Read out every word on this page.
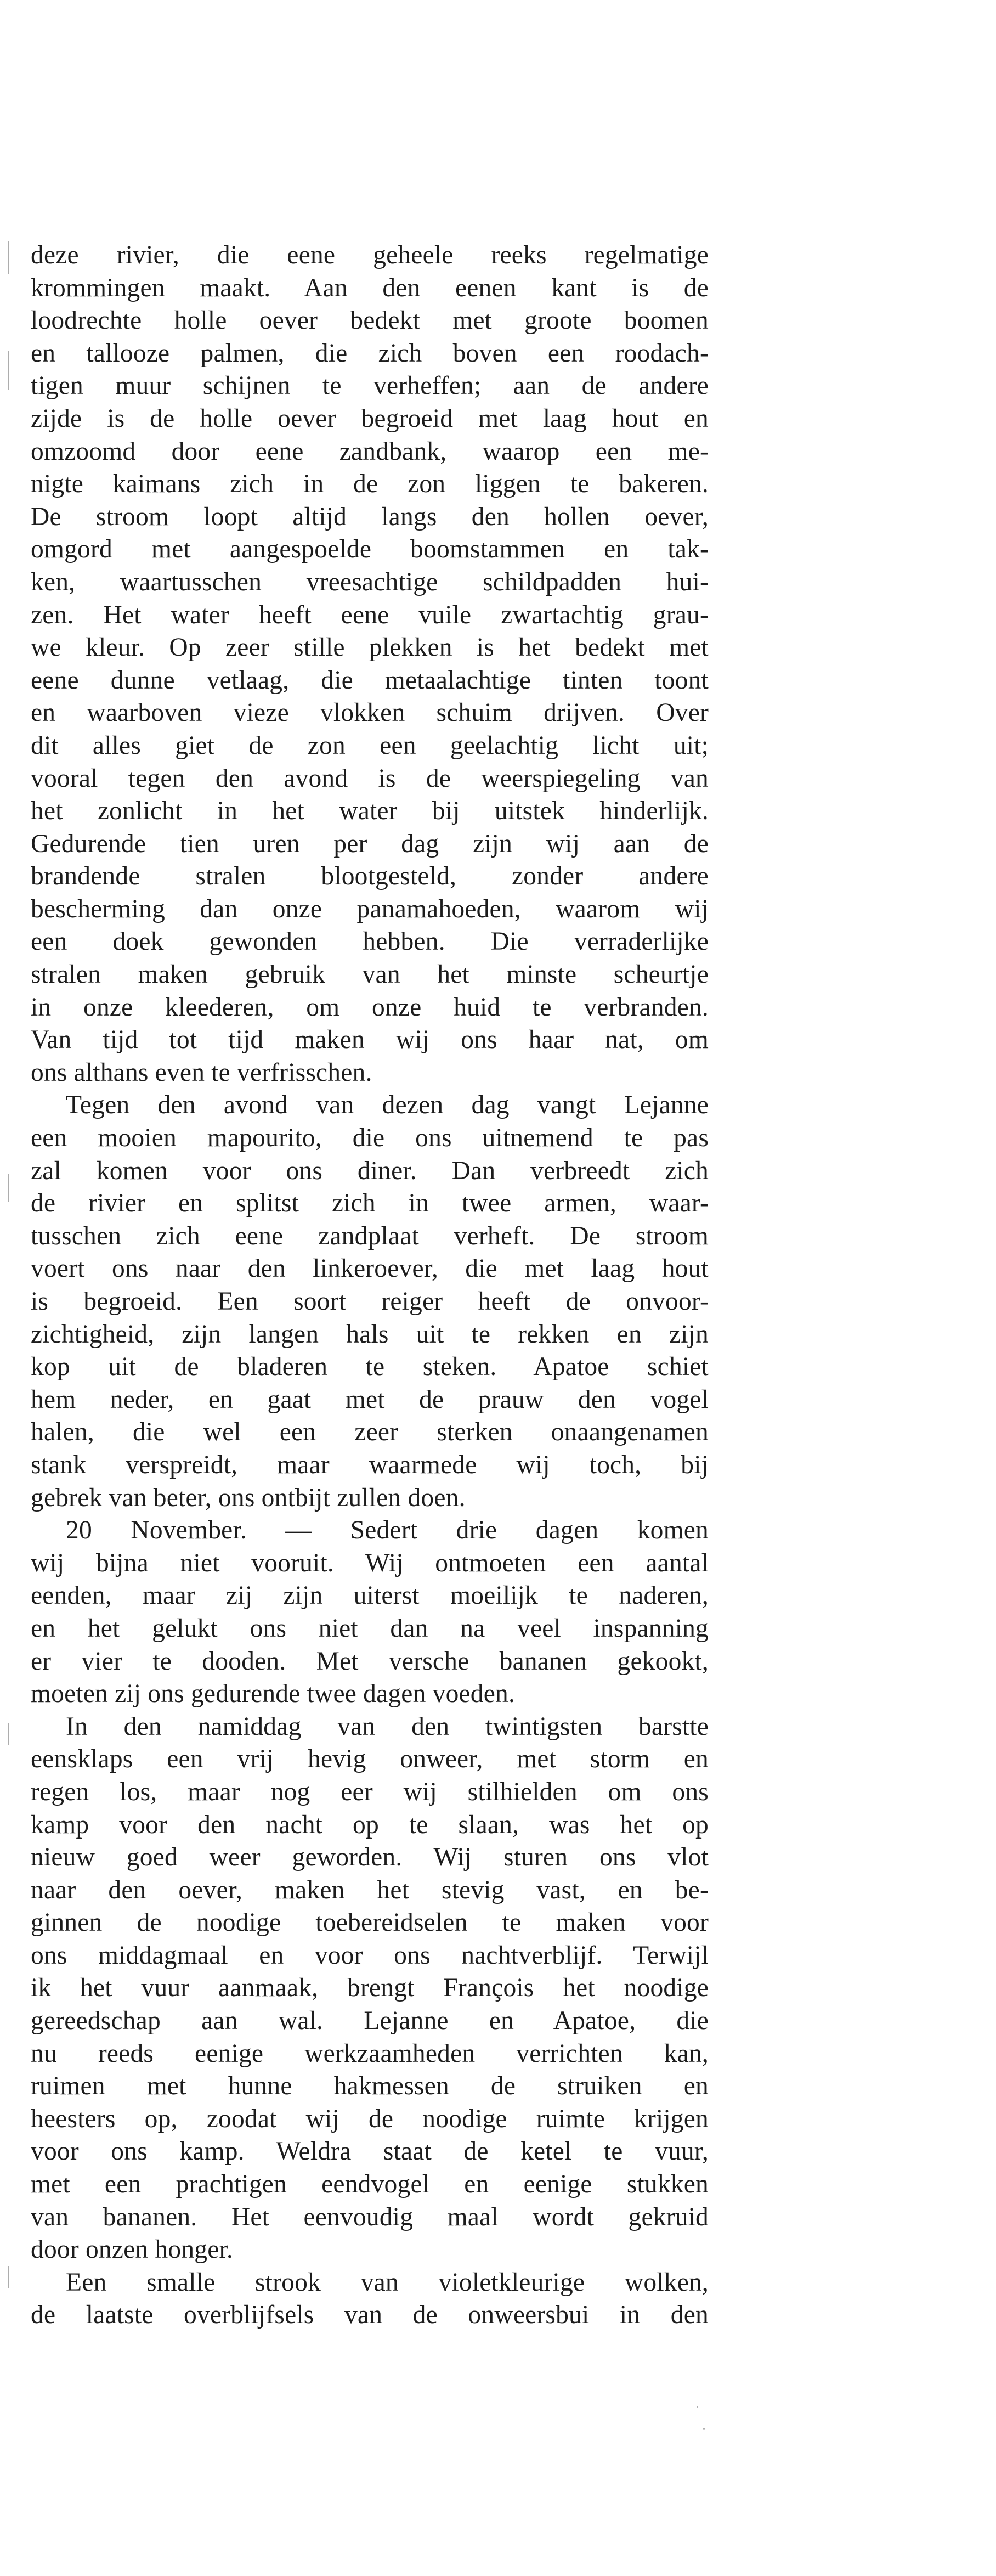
deze rivier, die eene geheele reeks regelmatige
krommingen maakt. Aan den eenen kant is de
loodrechte holle oever bedekt met groote boomen
en tallooze palmen, die zich boven een roodach-
tigen muur schijnen te verheffen; aan de andere
zijde is de holle oever begroeid met laag hout en
omzoomd door eene zandbank, waarop een me-
nigte kaimans zich in de zon liggen te bakeren.
De stroom loopt altijd langs den hollen oever,
omgord met aangespoelde boomstammen en tak-
ken, waartusschen vreesachtige schildpadden hui-
zen. Het water heeft eene vuile zwartachtig grau-
we kleur. Op zeer stille plekken is het bedekt met
eene dunne vetlaag, die metaalachtige tinten toont
en waarboven vieze vlokken schuim drijven. Over
dit alles giet de zon een geelachtig licht uit;
vooral tegen den avond is de weerspiegeling van
het zonlicht in het water bij uitstek hinderlijk.
Gedurende tien uren per dag zijn wij aan de
brandende stralen blootgesteld, zonder andere
bescherming dan onze panamahoeden, waarom wij
een doek gewonden hebben. Die verraderlijke
stralen maken gebruik van het minste scheurtje
in onze kleederen, om onze huid te verbranden.
Van tijd tot tijd maken wij ons haar nat, om
ons althans even te verfrisschen.
Tegen den avond van dezen dag vangt Lejanne
een mooien mapourito, die ons uitnemend te pas
zal komen voor ons diner. Dan verbreedt zich
de rivier en splitst zich in twee armen, waar-
tusschen zich eene zandplaat verheft. De stroom
voert ons naar den linkeroever, die met laag hout
is begroeid. Een soort reiger heeft de onvoor-
zichtigheid, zijn langen hals uit te rekken en zijn
kop uit de bladeren te steken. Apatoe schiet
hem neder, en gaat met de prauw den vogel
halen, die wel een zeer sterken onaangenamen
stank verspreidt, maar waarmede wij toch, bij
gebrek van beter, ons ontbijt zullen doen.
20 November. — Sedert drie dagen komen
wij bijna niet vooruit. Wij ontmoeten een aantal
eenden, maar zij zijn uiterst moeilijk te naderen,
en het gelukt ons niet dan na veel inspanning
er vier te dooden. Met versche bananen gekookt,
moeten zij ons gedurende twee dagen voeden.
In den namiddag van den twintigsten barstte
eensklaps een vrij hevig onweer, met storm en
regen los, maar nog eer wij stilhielden om ons
kamp voor den nacht op te slaan, was het op
nieuw goed weer geworden. Wij sturen ons vlot
naar den oever, maken het stevig vast, en be-
ginnen de noodige toebereidselen te maken voor
ons middagmaal en voor ons nachtverblijf. Terwijl
ik het vuur aanmaak, brengt François het noodige
gereedschap aan wal. Lejanne en Apatoe, die
nu reeds eenige werkzaamheden verrichten kan,
ruimen met hunne hakmessen de struiken en
heesters op, zoodat wij de noodige ruimte krijgen
voor ons kamp. Weldra staat de ketel te vuur,
met een prachtigen eendvogel en eenige stukken
van bananen. Het eenvoudig maal wordt gekruid
door onzen honger.
Een smalle strook van violetkleurige wolken,
de laatste overblijfsels van de onweersbui in den
